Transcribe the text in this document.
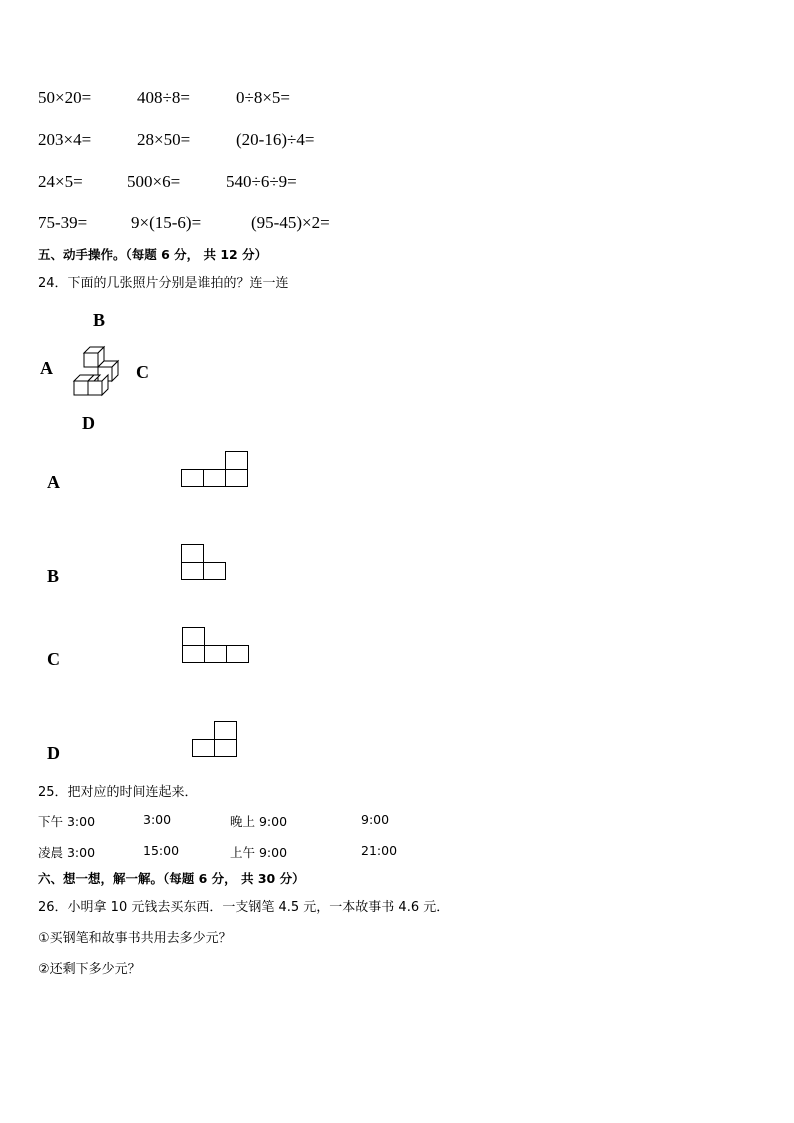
50×20=	408÷8=	0÷8×5=
203×4=	28×50=	(20-16)÷4=
24×5=	500×6=	540÷6÷9=
75-39=	9×(15-6)=	(95-45)×2=
五、动手操作。（每题 6 分， 共 12 分）
24．下面的几张照片分别是谁拍的？连一连
B
A	C
D
A
B
C
D
25．把对应的时间连起来．
下午 3:00	3:00	晚上 9:00	9:00
凌晨 3:00	15:00	上午 9:00	21:00
六、想一想，解一解。（每题 6 分， 共 30 分）
26．小明拿 10 元钱去买东西．一支钢笔 4.5 元，一本故事书 4.6 元．
①买钢笔和故事书共用去多少元？
②还剩下多少元？
